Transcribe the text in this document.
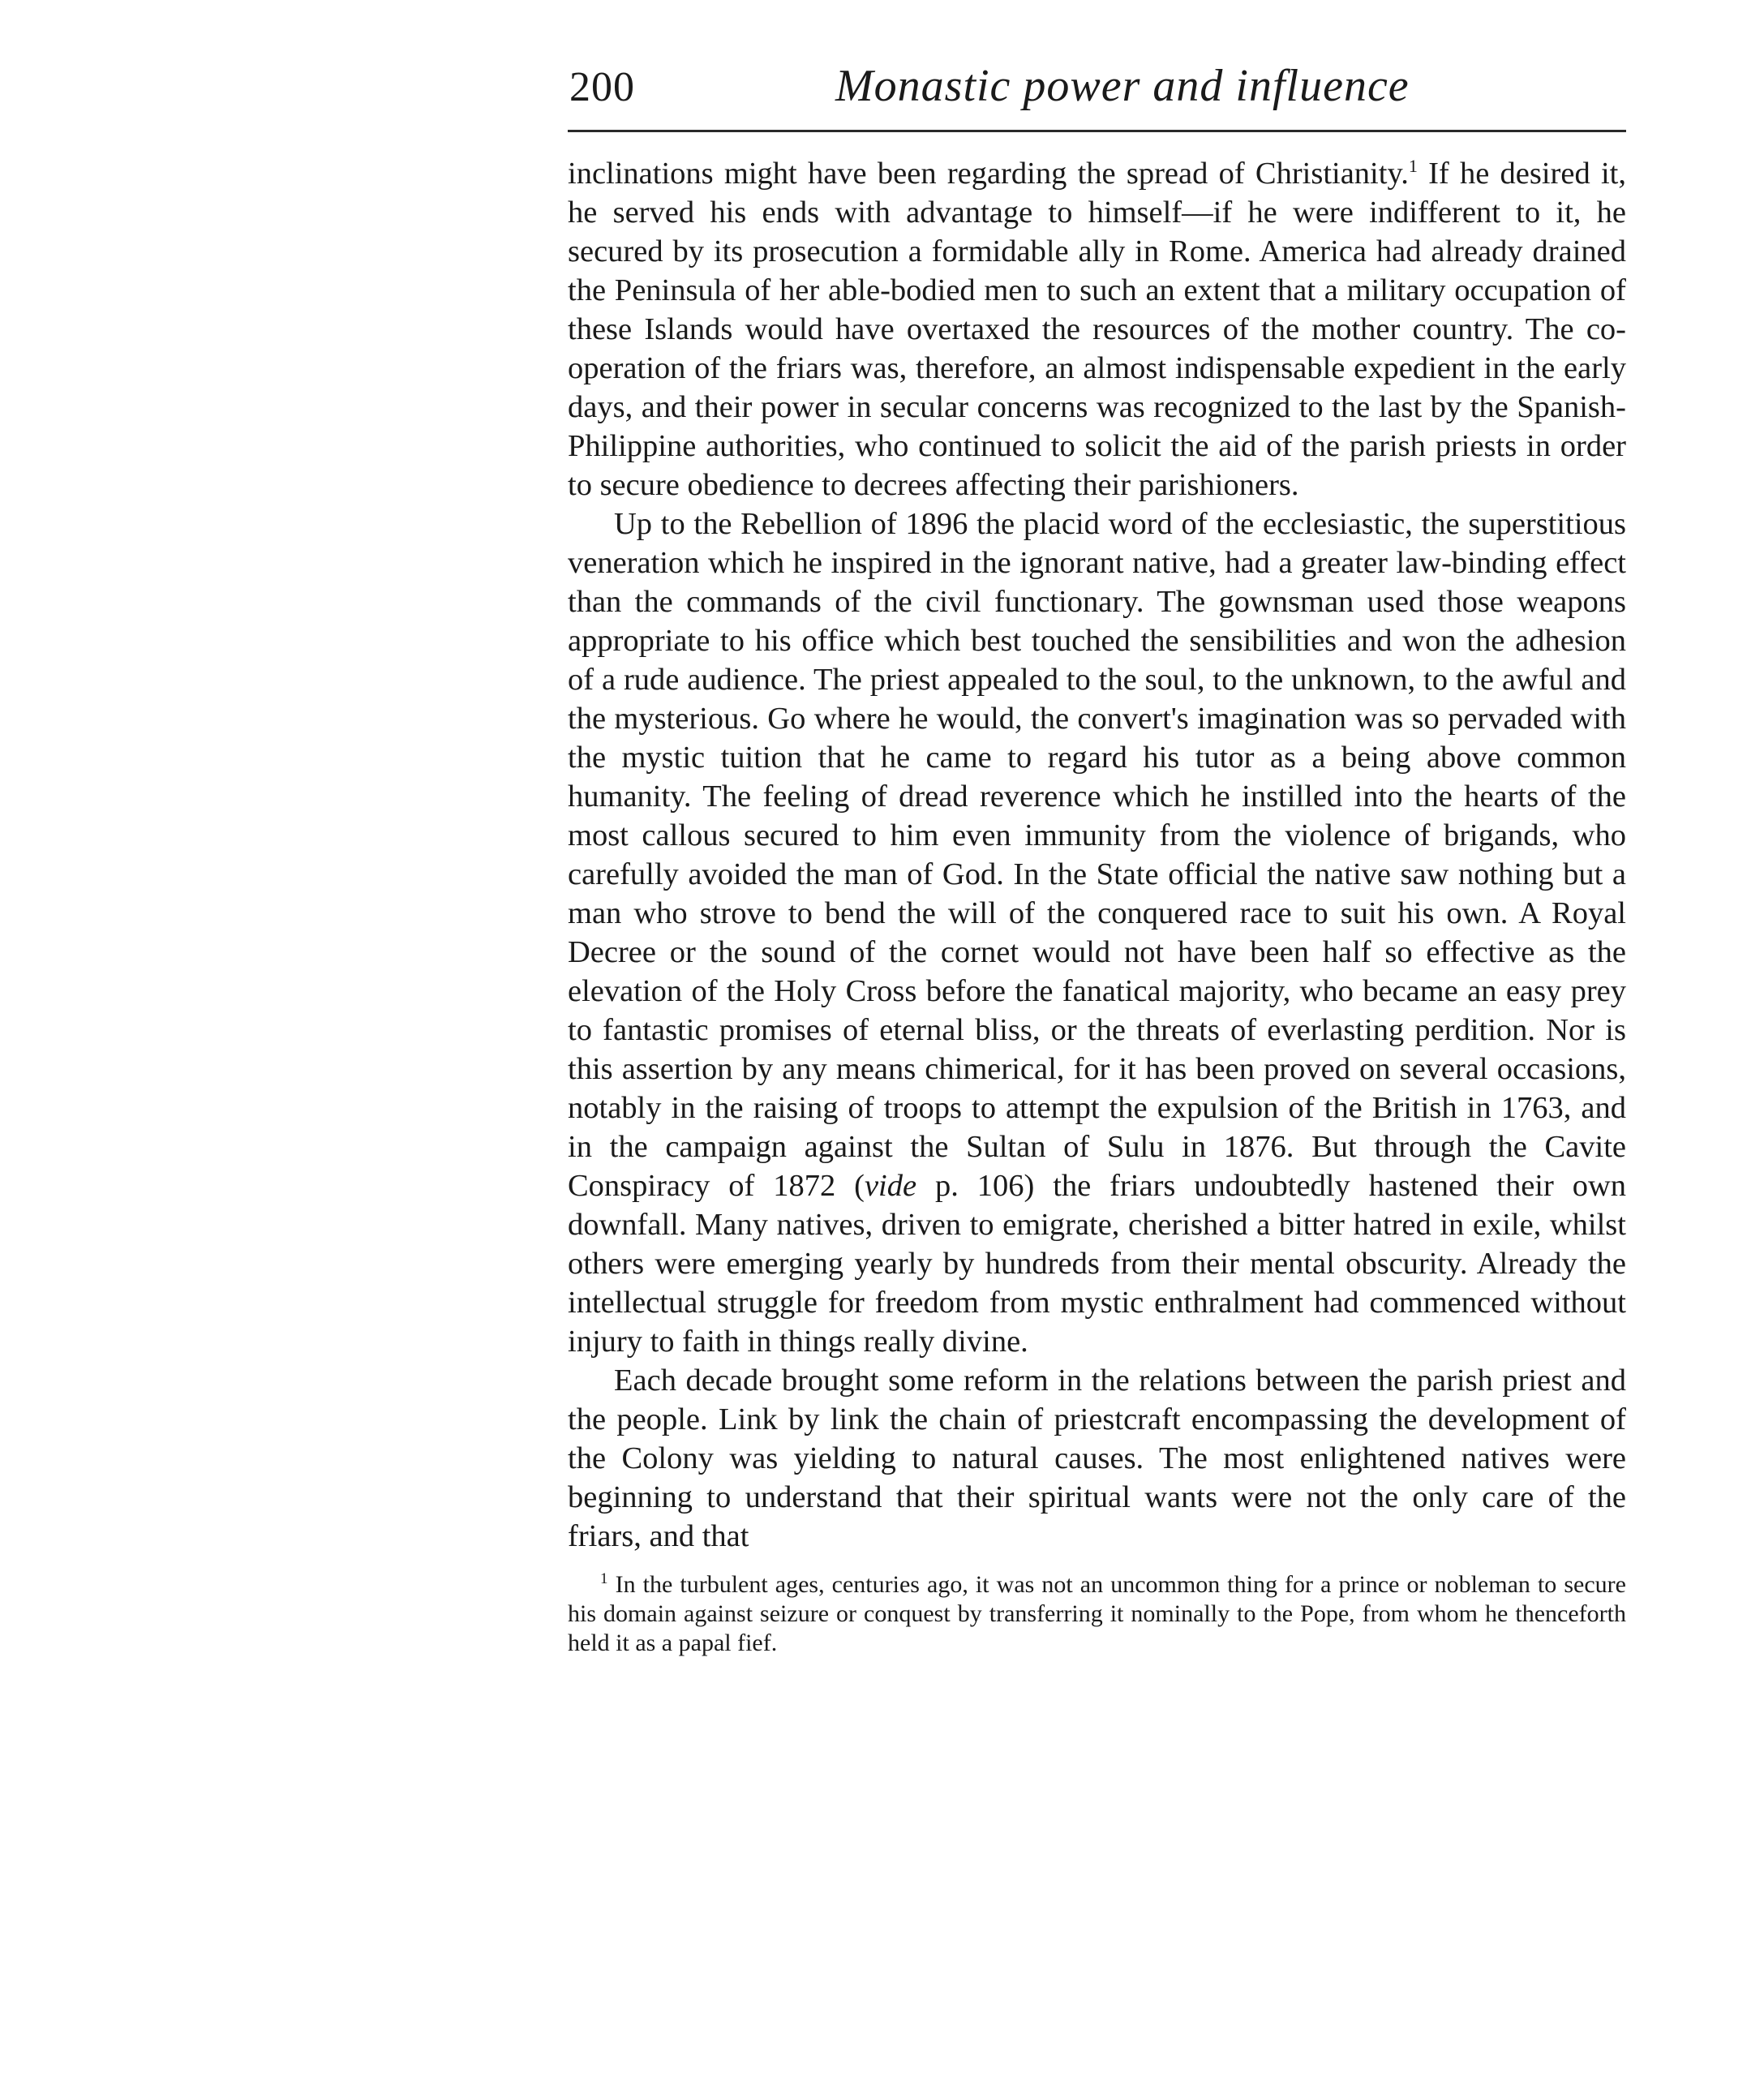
200	Monastic power and influence

inclinations might have been regarding the spread of Christianity.$^1$ If he desired it, he served his ends with advantage to himself—if he were indifferent to it, he secured by its prosecution a formidable ally in Rome. America had already drained the Peninsula of her able-bodied men to such an extent that a military occupation of these Islands would have overtaxed the resources of the mother country. The co-operation of the friars was, therefore, an almost indispensable expedient in the early days, and their power in secular concerns was recognized to the last by the Spanish-Philippine authorities, who continued to solicit the aid of the parish priests in order to secure obedience to decrees affecting their parishioners.

Up to the Rebellion of 1896 the placid word of the ecclesiastic, the superstitious veneration which he inspired in the ignorant native, had a greater law-binding effect than the commands of the civil functionary. The gownsman used those weapons appropriate to his office which best touched the sensibilities and won the adhesion of a rude audience. The priest appealed to the soul, to the unknown, to the awful and the mysterious. Go where he would, the convert's imagination was so pervaded with the mystic tuition that he came to regard his tutor as a being above common humanity. The feeling of dread reverence which he instilled into the hearts of the most callous secured to him even immunity from the violence of brigands, who carefully avoided the man of God. In the State official the native saw nothing but a man who strove to bend the will of the conquered race to suit his own. A Royal Decree or the sound of the cornet would not have been half so effective as the elevation of the Holy Cross before the fanatical majority, who became an easy prey to fantastic promises of eternal bliss, or the threats of everlasting perdition. Nor is this assertion by any means chimerical, for it has been proved on several occasions, notably in the raising of troops to attempt the expulsion of the British in 1763, and in the campaign against the Sultan of Sulu in 1876. But through the Cavite Conspiracy of 1872 (vide p. 106) the friars undoubtedly hastened their own downfall. Many natives, driven to emigrate, cherished a bitter hatred in exile, whilst others were emerging yearly by hundreds from their mental obscurity. Already the intellectual struggle for freedom from mystic enthralment had commenced without injury to faith in things really divine.

Each decade brought some reform in the relations between the parish priest and the people. Link by link the chain of priestcraft encompassing the development of the Colony was yielding to natural causes. The most enlightened natives were beginning to understand that their spiritual wants were not the only care of the friars, and that

$^1$ In the turbulent ages, centuries ago, it was not an uncommon thing for a prince or nobleman to secure his domain against seizure or conquest by transferring it nominally to the Pope, from whom he thenceforth held it as a papal fief.
